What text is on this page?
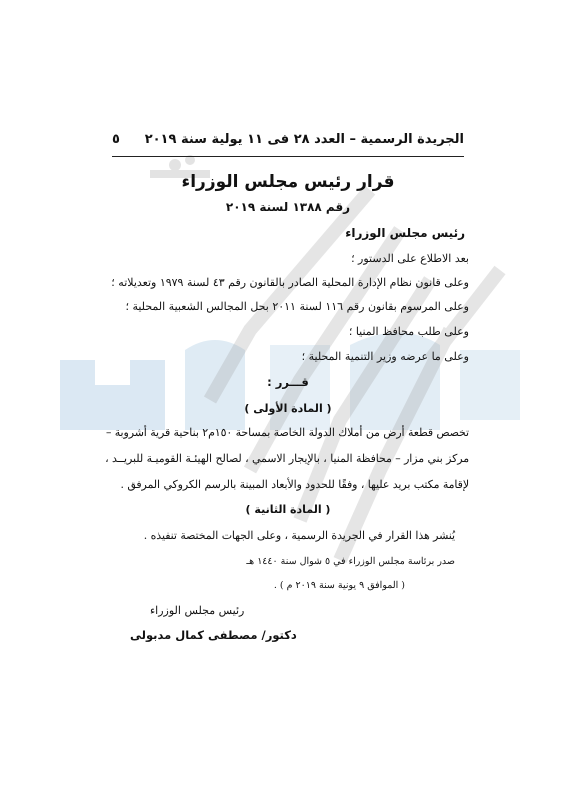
الجريدة الرسمية – العدد ٢٨ فى ١١ يولية سنة ٢٠١٩
٥
قرار رئيس مجلس الوزراء
رقم ١٣٨٨ لسنة ٢٠١٩
رئيس مجلس الوزراء
بعد الاطلاع على الدستور ؛
وعلى قانون نظام الإدارة المحلية الصادر بالقانون رقم ٤٣ لسنة ١٩٧٩ وتعديلاته ؛
وعلى المرسوم بقانون رقم ١١٦ لسنة ٢٠١١ بحل المجالس الشعبية المحلية ؛
وعلى طلب محافظ المنيا ؛
وعلى ما عرضه وزير التنمية المحلية ؛
قـــرر :
( المادة الأولى )
تخصص قطعة أرض من أملاك الدولة الخاصة بمساحة ١٥٠م٢ بناحية قرية أشروبة –
مركز بني مزار – محافظة المنيا ، بالإيجار الاسمي ، لصالح الهيئـة القوميـة للبريــد ،
لإقامة مكتب بريد عليها ، وفقًا للحدود والأبعاد المبينة بالرسم الكروكي المرفق .
( المادة الثانية )
يُنشر هذا القرار في الجريدة الرسمية ، وعلى الجهات المختصة تنفيذه .
صدر برئاسة مجلس الوزراء في ٥ شوال سنة ١٤٤٠ هـ
( الموافق ٩ يونية سنة ٢٠١٩ م ) .
رئيس مجلس الوزراء
دكتور/ مصطفى كمال مدبولى
